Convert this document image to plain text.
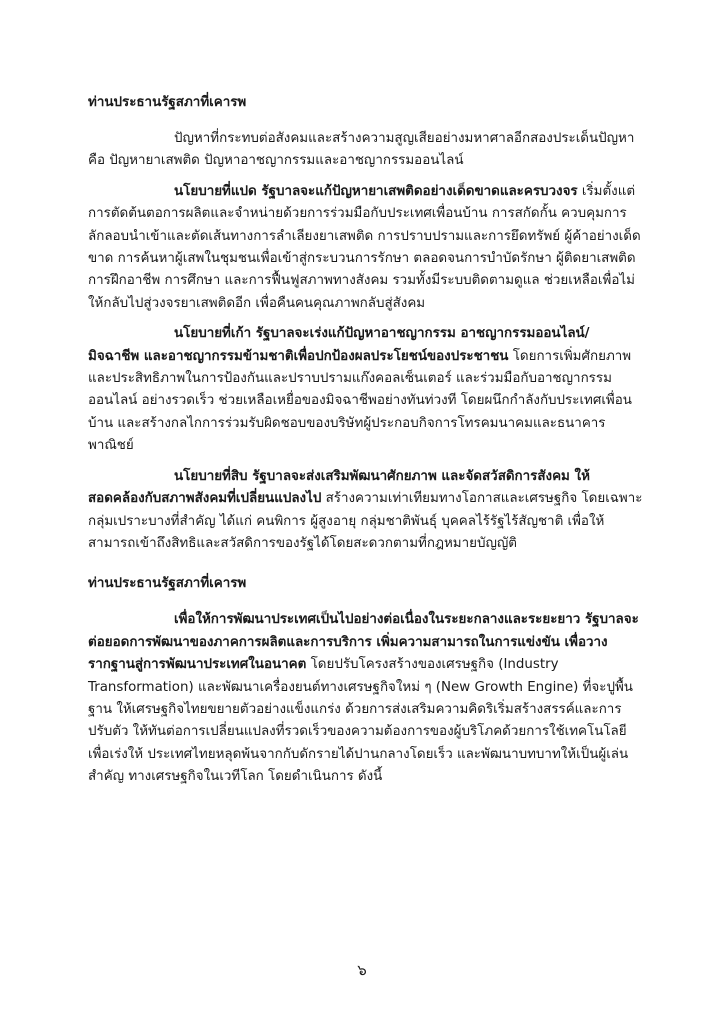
ท่านประธานรัฐสภาที่เคารพ

ปัญหาที่กระทบต่อสังคมและสร้างความสูญเสียอย่างมหาศาลอีกสองประเด็นปัญหา คือ ปัญหายาเสพติด ปัญหาอาชญากรรมและอาชญากรรมออนไลน์

นโยบายที่แปด รัฐบาลจะแก้ปัญหายาเสพติดอย่างเด็ดขาดและครบวงจร เริ่มตั้งแต่การตัดต้นตอการผลิตและจำหน่ายด้วยการร่วมมือกับประเทศเพื่อนบ้าน การสกัดกั้น ควบคุมการลักลอบนำเข้าและตัดเส้นทางการลำเลียงยาเสพติด การปราบปรามและการยึดทรัพย์ ผู้ค้าอย่างเด็ดขาด การค้นหาผู้เสพในชุมชนเพื่อเข้าสู่กระบวนการรักษา ตลอดจนการบำบัดรักษา ผู้ติดยาเสพติด การฝึกอาชีพ การศึกษา และการฟื้นฟูสภาพทางสังคม รวมทั้งมีระบบติดตามดูแล ช่วยเหลือเพื่อไม่ให้กลับไปสู่วงจรยาเสพติดอีก เพื่อคืนคนคุณภาพกลับสู่สังคม

นโยบายที่เก้า รัฐบาลจะเร่งแก้ปัญหาอาชญากรรม อาชญากรรมออนไลน์/ มิจฉาชีพ และอาชญากรรมข้ามชาติเพื่อปกป้องผลประโยชน์ของประชาชน โดยการเพิ่มศักยภาพ และประสิทธิภาพในการป้องกันและปราบปรามแก๊งคอลเซ็นเตอร์ และร่วมมือกับอาชญากรรมออนไลน์ อย่างรวดเร็ว ช่วยเหลือเหยื่อของมิจฉาชีพอย่างทันท่วงที โดยผนึกกำลังกับประเทศเพื่อนบ้าน และสร้างกลไกการร่วมรับผิดชอบของบริษัทผู้ประกอบกิจการโทรคมนาคมและธนาคารพาณิชย์

นโยบายที่สิบ รัฐบาลจะส่งเสริมพัฒนาศักยภาพ และจัดสวัสดิการสังคม ให้สอดคล้องกับสภาพสังคมที่เปลี่ยนแปลงไป สร้างความเท่าเทียมทางโอกาสและเศรษฐกิจ โดยเฉพาะกลุ่มเปราะบางที่สำคัญ ได้แก่ คนพิการ ผู้สูงอายุ กลุ่มชาติพันธุ์ บุคคลไร้รัฐไร้สัญชาติ เพื่อให้สามารถเข้าถึงสิทธิและสวัสดิการของรัฐได้โดยสะดวกตามที่กฎหมายบัญญัติ

ท่านประธานรัฐสภาที่เคารพ

เพื่อให้การพัฒนาประเทศเป็นไปอย่างต่อเนื่องในระยะกลางและระยะยาว รัฐบาลจะต่อยอดการพัฒนาของภาคการผลิตและการบริการ เพิ่มความสามารถในการแข่งขัน เพื่อวางรากฐานสู่การพัฒนาประเทศในอนาคต โดยปรับโครงสร้างของเศรษฐกิจ (Industry Transformation) และพัฒนาเครื่องยนต์ทางเศรษฐกิจใหม่ ๆ (New Growth Engine) ที่จะปูพื้นฐาน ให้เศรษฐกิจไทยขยายตัวอย่างแข็งแกร่ง ด้วยการส่งเสริมความคิดริเริ่มสร้างสรรค์และการปรับตัว ให้ทันต่อการเปลี่ยนแปลงที่รวดเร็วของความต้องการของผู้บริโภคด้วยการใช้เทคโนโลยี เพื่อเร่งให้ ประเทศไทยหลุดพ้นจากกับดักรายได้ปานกลางโดยเร็ว และพัฒนาบทบาทให้เป็นผู้เล่นสำคัญ ทางเศรษฐกิจในเวทีโลก โดยดำเนินการ ดังนี้

๖
